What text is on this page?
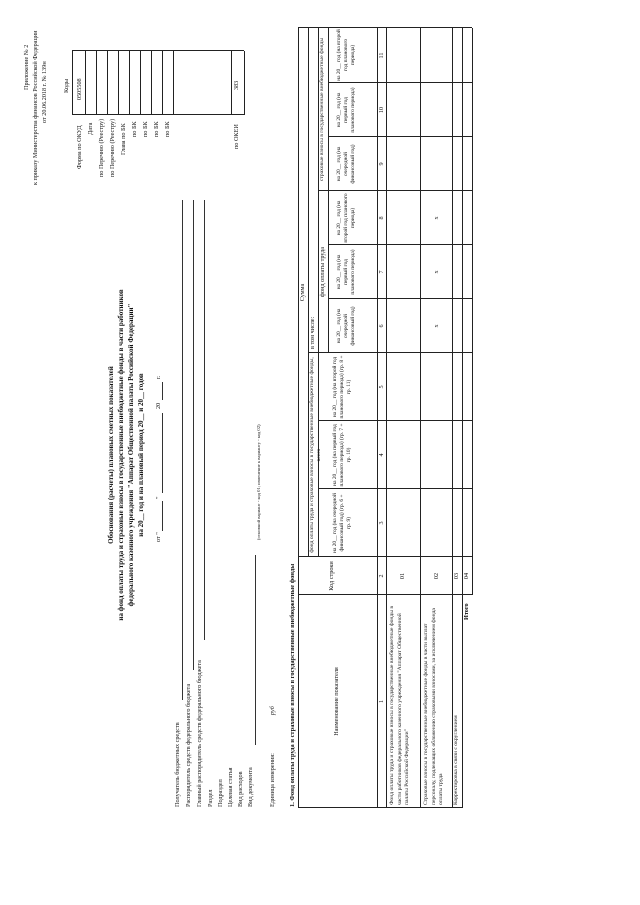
Приложение № 2 к приказу Министерства финансов Российской Федерации от 20.06.2018 г. № 139н
Обоснования (расчеты) плановых сметных показателей на фонд оплаты труда и страховые взносы в государственные внебюджетные фонды в части работников федерального казенного учреждения "Аппарат Общественной палаты Российской Федерации" на 20__ год и на плановый период 20__ и 20__ годов
от "
"
20
г.
Коды
Форма по ОКУД
0505508
Дата по Перечню (Реестру) по Перечню (Реестру) Глава по БК по БК по БК по БК по БК	по ОКЕИ
383
Получатель бюджетных средств Распорядитель средств федерального бюджета Главный распорядитель средств федерального бюджета Раздел Подраздел Целевая статья Вид расходов Вид документа
(основной вариант - код 01; изменение к варианту - код 02)
Единица измерения:
руб 1. Фонд оплаты труда и страховые взносы в государственные внебюджетные фонды	Наименование показателя
Код строки
Сумма
фонд оплаты труда и страховые взносы в государственные внебюджетные фонды, всего
в том числе:
фонд оплаты труда
страховые взносы в государственные внебюджетные фонды
на 20__ год (на очередной финансовый год) (гр. 6 + гр. 9)
на 20__ год (на первый год планового периода) (гр. 7 + гр. 10)
на 20__ год (на второй год планового периода) (гр. 8 + гр. 11)
на 20__ год (на очередной финансовый год)
на 20__ год (на первый год планового периода)
на 20__ год (на второй год планового периода)
на 20__ год (на очередной финансовый год)
на 20__ год (на первый год планового периода)
на 20__ год (на второй год планового периода)
1
2
3
4
5
6
7
8
9
10
11
Фонд оплаты труда и страховые взносы в государственные внебюджетные фонды в части работников федерального казенного учреждения "Аппарат Общественной палаты Российской Федерации"
01
Страховые взносы в государственные внебюджетные фонды в части выплат персоналу, подлежащих обложению страховыми взносами, за исключением фонда оплаты труда
02
x
x
x
Корректировка в связи с округлением
03
Итого
04
